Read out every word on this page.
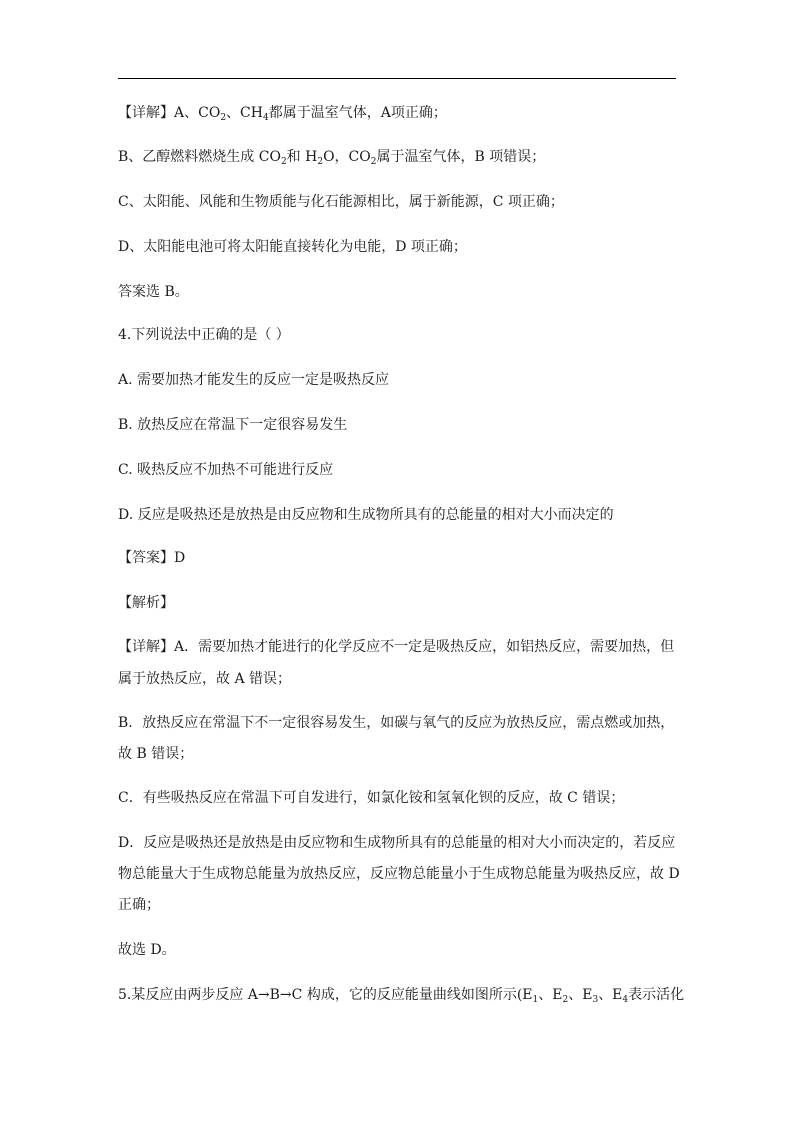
【详解】A、$CO_2$、$CH_4$都属于温室气体，A项正确；
B、乙醇燃料燃烧生成 $CO_2$和 $H_2O$，$CO_2$属于温室气体，B 项错误；
C、太阳能、风能和生物质能与化石能源相比，属于新能源，C 项正确；
D、太阳能电池可将太阳能直接转化为电能，D 项正确；
答案选 B。
4.下列说法中正确的是（ ）
A. 需要加热才能发生的反应一定是吸热反应
B. 放热反应在常温下一定很容易发生
C. 吸热反应不加热不可能进行反应
D. 反应是吸热还是放热是由反应物和生成物所具有的总能量的相对大小而决定的
【答案】D
【解析】
【详解】A．需要加热才能进行的化学反应不一定是吸热反应，如铝热反应，需要加热，但
属于放热反应，故 A 错误；
B．放热反应在常温下不一定很容易发生，如碳与氧气的反应为放热反应，需点燃或加热，
故 B 错误；
C．有些吸热反应在常温下可自发进行，如氯化铵和氢氧化钡的反应，故 C 错误；
D．反应是吸热还是放热是由反应物和生成物所具有的总能量的相对大小而决定的，若反应
物总能量大于生成物总能量为放热反应，反应物总能量小于生成物总能量为吸热反应，故 D
正确；
故选 D。
5.某反应由两步反应 A→B→C 构成，它的反应能量曲线如图所示($E_1$、$E_2$、$E_3$、$E_4$表示活化
